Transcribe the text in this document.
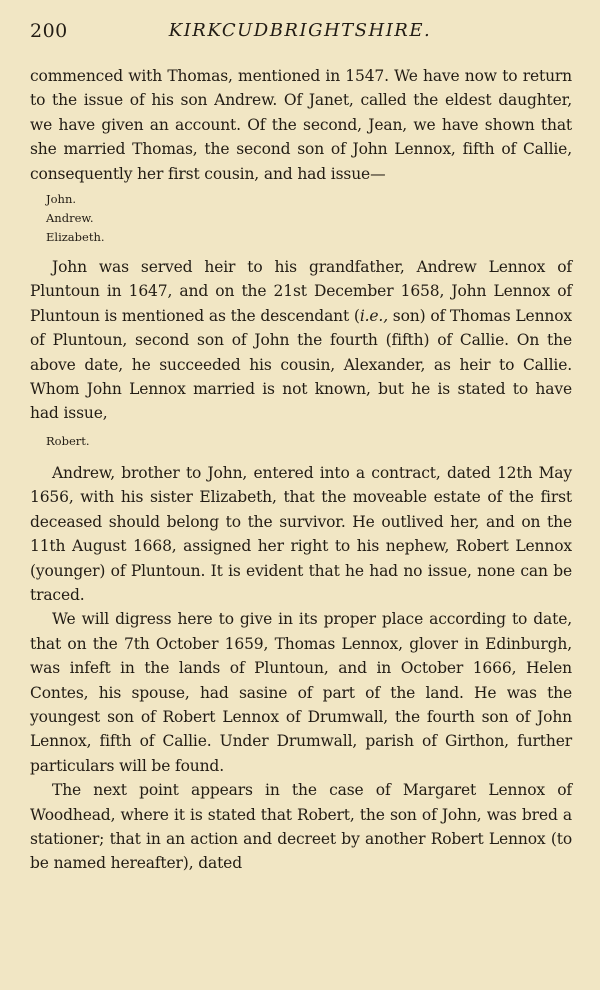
200	KIRKCUDBRIGHTSHIRE.

commenced with Thomas, mentioned in 1547. We have now to return to the issue of his son Andrew. Of Janet, called the eldest daughter, we have given an account. Of the second, Jean, we have shown that she married Thomas, the second son of John Lennox, fifth of Callie, consequently her first cousin, and had issue—

John.
Andrew.
Elizabeth.

John was served heir to his grandfather, Andrew Lennox of Pluntoun in 1647, and on the 21st December 1658, John Lennox of Pluntoun is mentioned as the descendant (i.e., son) of Thomas Lennox of Pluntoun, second son of John the fourth (fifth) of Callie. On the above date, he succeeded his cousin, Alexander, as heir to Callie. Whom John Lennox married is not known, but he is stated to have had issue,

Robert.

Andrew, brother to John, entered into a contract, dated 12th May 1656, with his sister Elizabeth, that the moveable estate of the first deceased should belong to the survivor. He outlived her, and on the 11th August 1668, assigned her right to his nephew, Robert Lennox (younger) of Pluntoun. It is evident that he had no issue, none can be traced.

We will digress here to give in its proper place according to date, that on the 7th October 1659, Thomas Lennox, glover in Edinburgh, was infeft in the lands of Pluntoun, and in October 1666, Helen Contes, his spouse, had sasine of part of the land. He was the youngest son of Robert Lennox of Drumwall, the fourth son of John Lennox, fifth of Callie. Under Drumwall, parish of Girthon, further particulars will be found.

The next point appears in the case of Margaret Lennox of Woodhead, where it is stated that Robert, the son of John, was bred a stationer; that in an action and decreet by another Robert Lennox (to be named hereafter), dated
